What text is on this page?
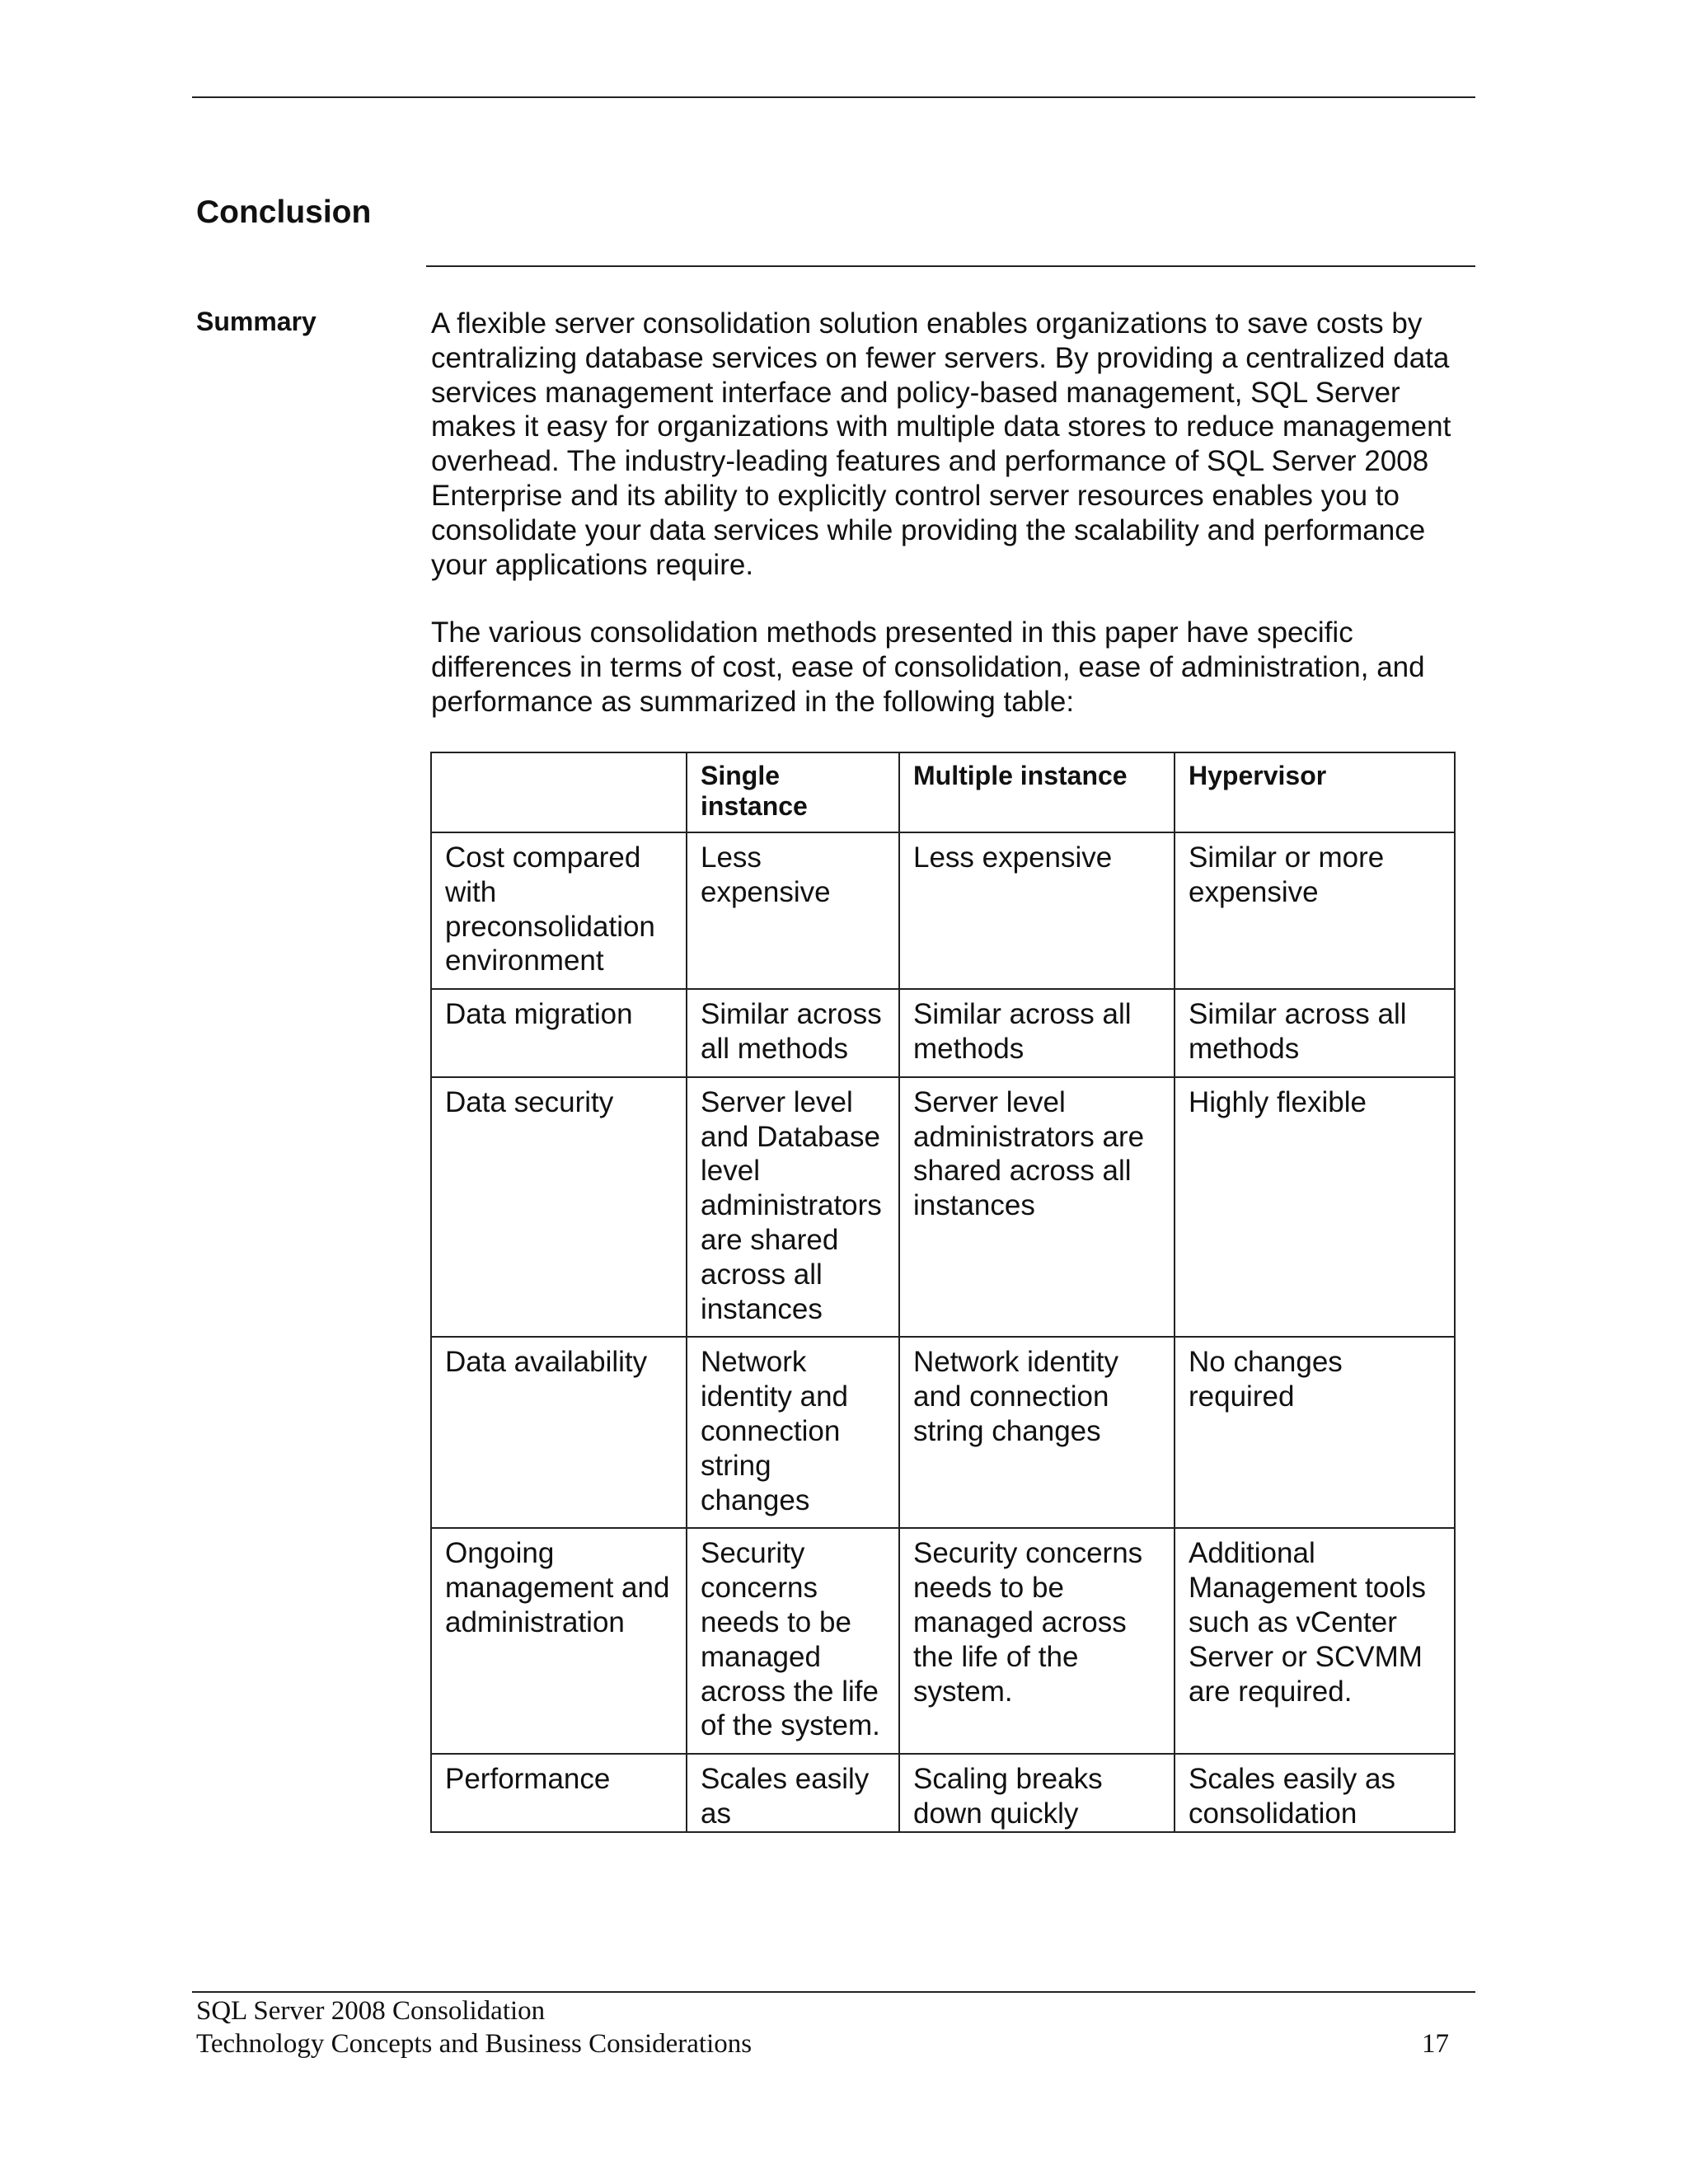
Conclusion
Summary	A flexible server consolidation solution enables organizations to save costs by centralizing database services on fewer servers. By providing a centralized data services management interface and policy-based management, SQL Server makes it easy for organizations with multiple data stores to reduce management overhead. The industry-leading features and performance of SQL Server 2008 Enterprise and its ability to explicitly control server resources enables you to consolidate your data services while providing the scalability and performance your applications require.

The various consolidation methods presented in this paper have specific differences in terms of cost, ease of consolidation, ease of administration, and performance as summarized in the following table:

	Single instance	Multiple instance	Hypervisor
Cost compared with preconsolidation environment	Less expensive	Less expensive	Similar or more expensive
Data migration	Similar across all methods	Similar across all methods	Similar across all methods
Data security	Server level and Database level administrators are shared across all instances	Server level administrators are shared across all instances	Highly flexible
Data availability	Network identity and connection string changes	Network identity and connection string changes	No changes required
Ongoing management and administration	Security concerns needs to be managed across the life of the system.	Security concerns needs to be managed across the life of the system.	Additional Management tools such as vCenter Server or SCVMM are required.
Performance	Scales easily as	Scaling breaks down quickly	Scales easily as consolidation
SQL Server 2008 Consolidation
Technology Concepts and Business Considerations	17
